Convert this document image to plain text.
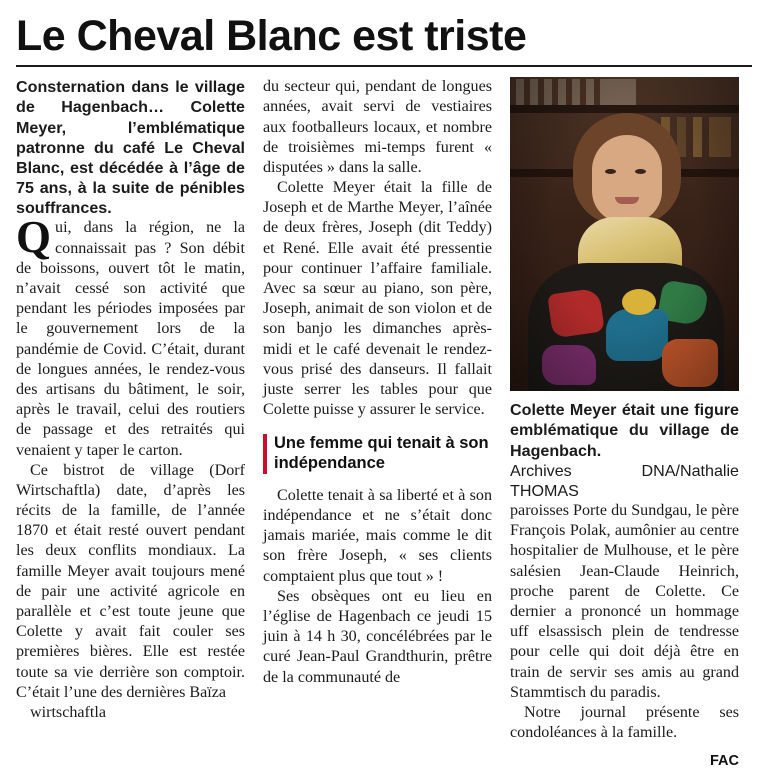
Le Cheval Blanc est triste

Consternation dans le village de Hagenbach… Colette Meyer, l’emblématique patronne du café Le Cheval Blanc, est décédée à l’âge de 75 ans, à la suite de pénibles souffrances.

Qui, dans la région, ne la connaissait pas ? Son débit de boissons, ouvert tôt le matin, n’avait cessé son activité que pendant les périodes imposées par le gouvernement lors de la pandémie de Covid. C’était, durant de longues années, le rendez-vous des artisans du bâtiment, le soir, après le travail, celui des routiers de passage et des retraités qui venaient y taper le carton.

Ce bistrot de village (Dorf Wirtschaftla) date, d’après les récits de la famille, de l’année 1870 et était resté ouvert pendant les deux conflits mondiaux. La famille Meyer avait toujours mené de pair une activité agricole en parallèle et c’est toute jeune que Colette y avait fait couler ses premières bières. Elle est restée toute sa vie derrière son comptoir. C’était l’une des dernières Baïza

wirtschaftla

du secteur qui, pendant de longues années, avait servi de vestiaires aux footballeurs locaux, et nombre de troisièmes mi-temps furent « disputées » dans la salle.

Colette Meyer était la fille de Joseph et de Marthe Meyer, l’aînée de deux frères, Joseph (dit Teddy) et René. Elle avait été pressentie pour continuer l’affaire familiale. Avec sa sœur au piano, son père, Joseph, animait de son violon et de son banjo les dimanches après-midi et le café devenait le rendez-vous prisé des danseurs. Il fallait juste serrer les tables pour que Colette puisse y assurer le service.

Une femme qui tenait à son indépendance

Colette tenait à sa liberté et à son indépendance et ne s’était donc jamais mariée, mais comme le dit son frère Joseph, « ses clients comptaient plus que tout » !

Ses obsèques ont eu lieu en l’église de Hagenbach ce jeudi 15 juin à 14 h 30, concélébrées par le curé Jean-Paul Grandthurin, prêtre de la communauté de

Colette Meyer était une figure emblématique du village de Hagenbach.

Archives DNA/Nathalie THOMAS

paroisses Porte du Sundgau, le père François Polak, aumônier au centre hospitalier de Mulhouse, et le père salésien Jean-Claude Heinrich, proche parent de Colette. Ce dernier a prononcé un hommage uff elsassisch plein de tendresse pour celle qui doit déjà être en train de servir ses amis au grand Stammtisch du paradis.

Notre journal présente ses condoléances à la famille.

FAC
